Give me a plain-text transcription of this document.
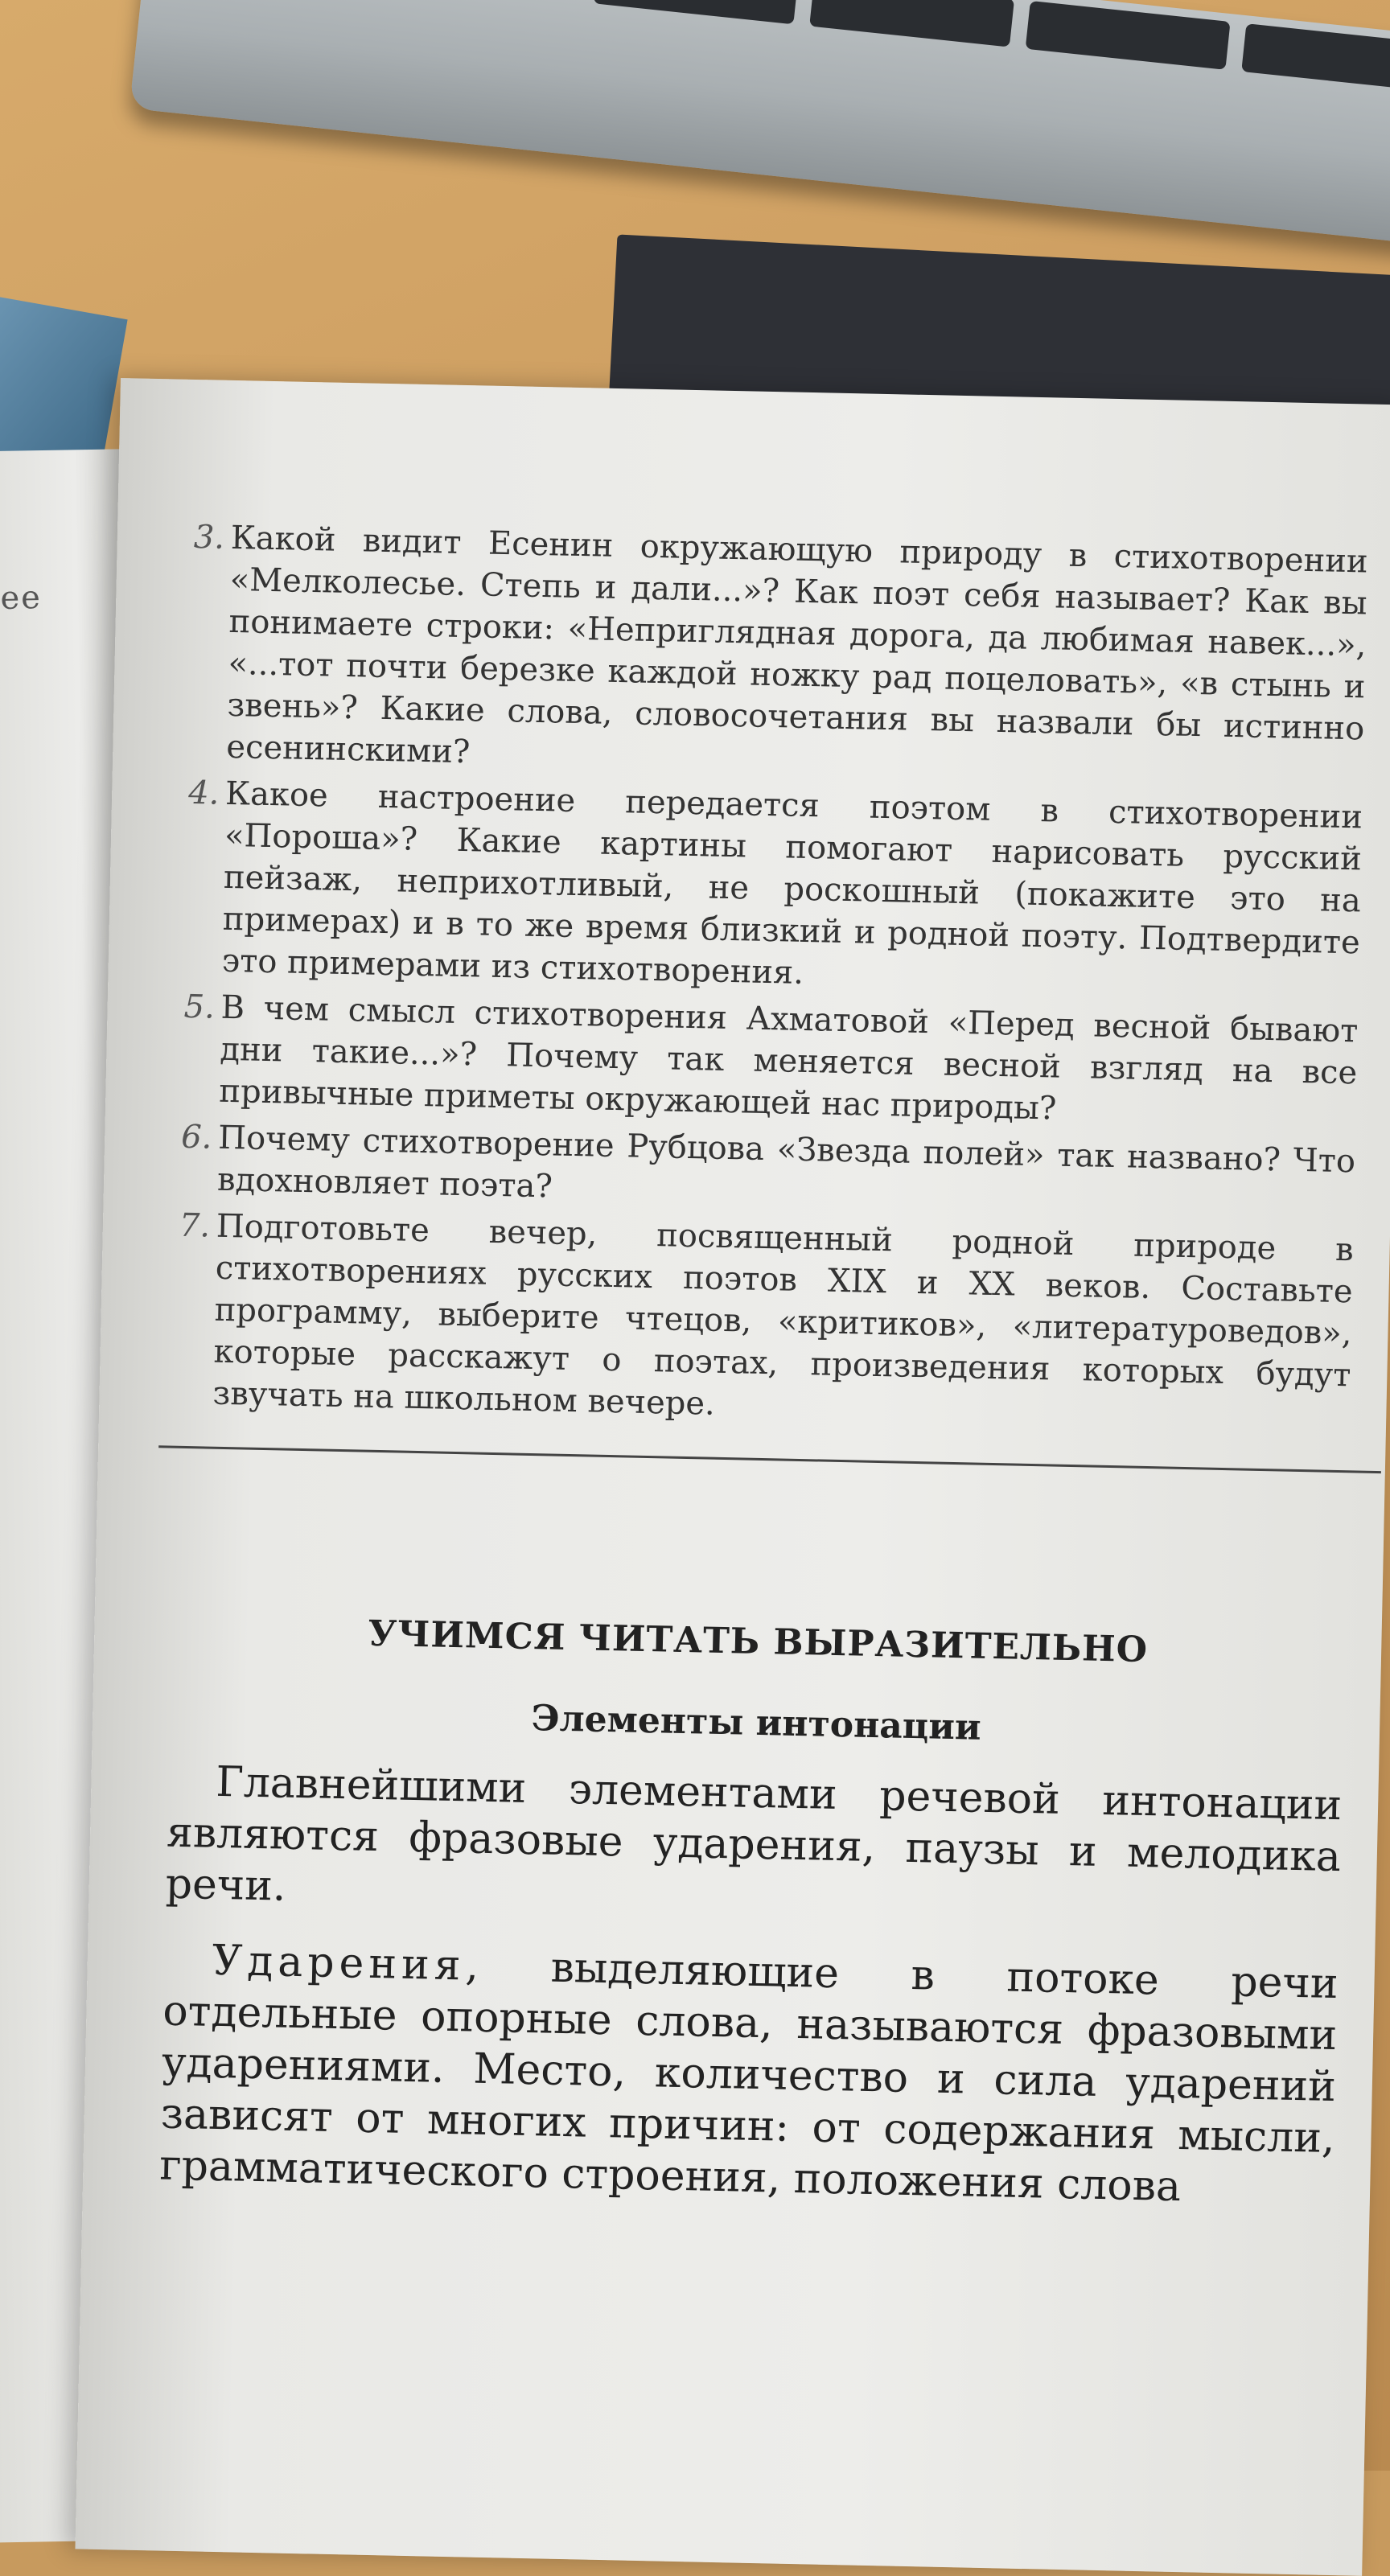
ее
3. Какой видит Есенин окружающую природу в стихотворении «Мелколесье. Степь и дали...»? Как поэт себя называет? Как вы понимаете строки: «Неприглядная дорога, да любимая навек...», «...тот почти березке каждой ножку рад поцеловать», «в стынь и звень»? Какие слова, словосочетания вы назвали бы истинно есенинскими?
4. Какое настроение передается поэтом в стихотворении «Пороша»? Какие картины помогают нарисовать русский пейзаж, неприхотливый, не роскошный (покажите это на примерах) и в то же время близкий и родной поэту. Подтвердите это примерами из стихотворения.
5. В чем смысл стихотворения Ахматовой «Перед весной бывают дни такие...»? Почему так меняется весной взгляд на все привычные приметы окружающей нас природы?
6. Почему стихотворение Рубцова «Звезда полей» так названо? Что вдохновляет поэта?
7. Подготовьте вечер, посвященный родной природе в стихотворениях русских поэтов XIX и XX веков. Составьте программу, выберите чтецов, «критиков», «литературоведов», которые расскажут о поэтах, произведения которых будут звучать на школьном вечере.
УЧИМСЯ ЧИТАТЬ ВЫРАЗИТЕЛЬНО
Элементы интонации

Главнейшими элементами речевой интонации являются фразовые ударения, паузы и мелодика речи.

Ударения, выделяющие в потоке речи отдельные опорные слова, называются фразовыми ударениями. Место, количество и сила ударений зависят от многих причин: от содержания мысли, грамматического строения, положения слова
